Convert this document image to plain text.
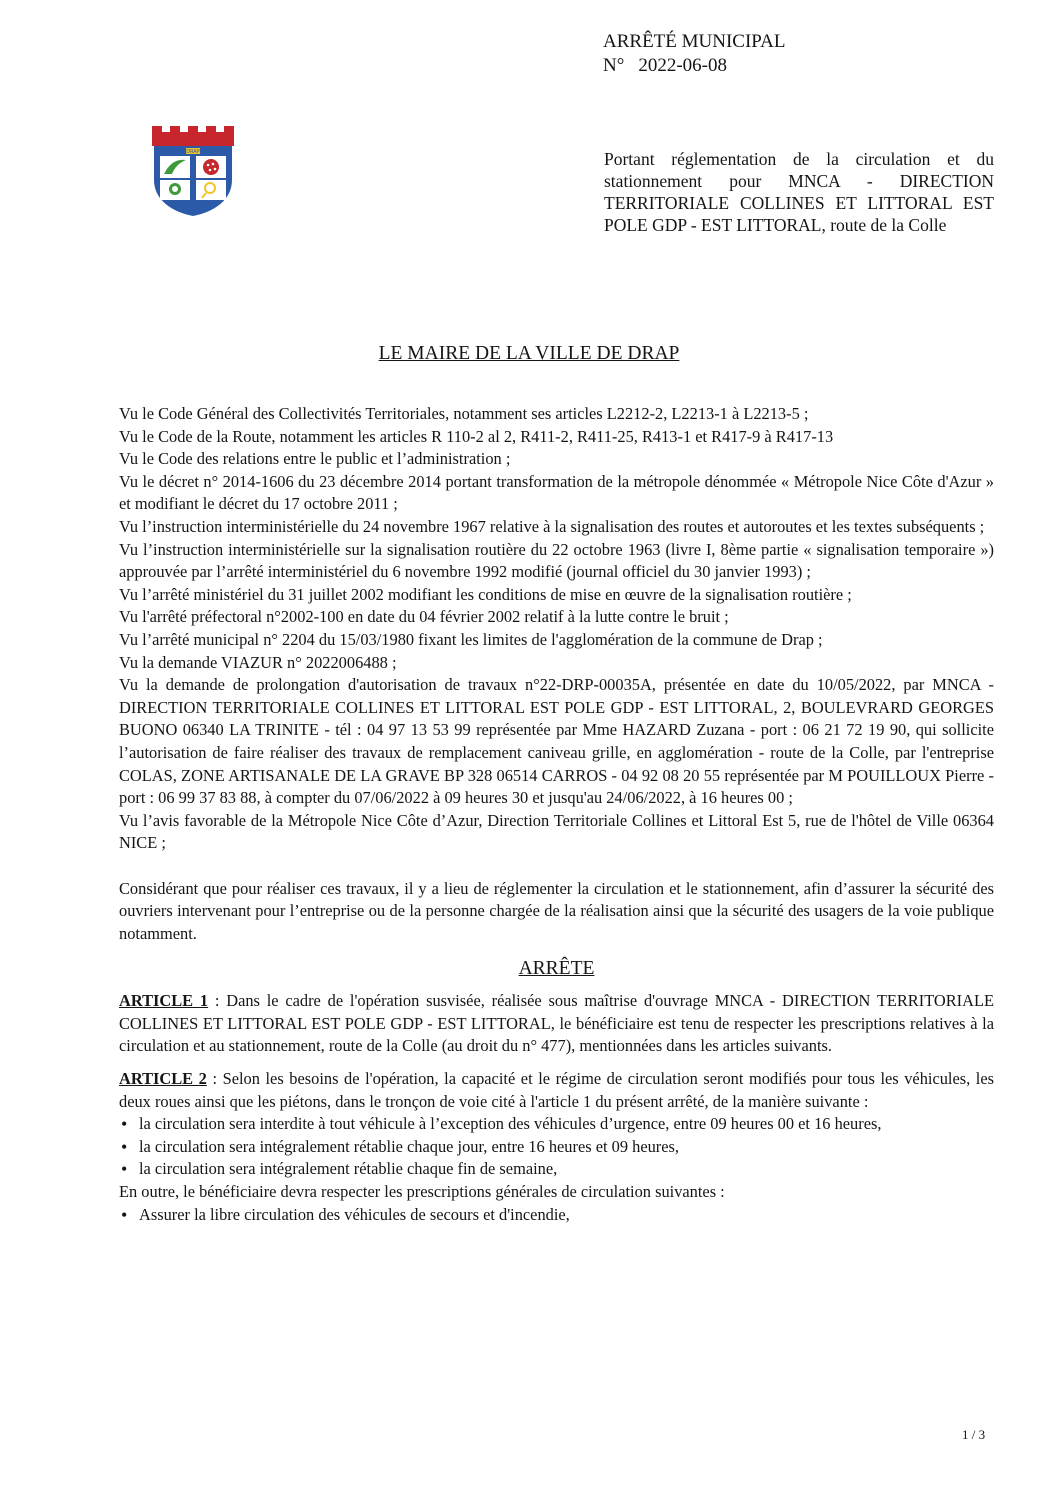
ARRÊTÉ MUNICIPAL
N° 2022-06-08
DRAP	Portant réglementation de la circulation et du stationnement pour MNCA - DIRECTION TERRITORIALE COLLINES ET LITTORAL EST POLE GDP - EST LITTORAL, route de la Colle
LE MAIRE DE LA VILLE DE DRAP

Vu le Code Général des Collectivités Territoriales, notamment ses articles L2212-2, L2213-1 à L2213-5 ;

Vu le Code de la Route, notamment les articles R 110-2 al 2, R411-2, R411-25, R413-1 et R417-9 à R417-13

Vu le Code des relations entre le public et l’administration ;

Vu le décret n° 2014-1606 du 23 décembre 2014 portant transformation de la métropole dénommée « Métropole Nice Côte d'Azur » et modifiant le décret du 17 octobre 2011 ;

Vu l’instruction interministérielle du 24 novembre 1967 relative à la signalisation des routes et autoroutes et les textes subséquents ;

Vu l’instruction interministérielle sur la signalisation routière du 22 octobre 1963 (livre I, 8ème partie « signalisation temporaire ») approuvée par l’arrêté interministériel du 6 novembre 1992 modifié (journal officiel du 30 janvier 1993) ;

Vu l’arrêté ministériel du 31 juillet 2002 modifiant les conditions de mise en œuvre de la signalisation routière ;

Vu l'arrêté préfectoral n°2002-100 en date du 04 février 2002 relatif à la lutte contre le bruit ;

Vu l’arrêté municipal n° 2204 du 15/03/1980 fixant les limites de l'agglomération de la commune de Drap ;

Vu la demande VIAZUR n° 2022006488 ;

Vu la demande de prolongation d'autorisation de travaux n°22-DRP-00035A, présentée en date du 10/05/2022, par MNCA - DIRECTION TERRITORIALE COLLINES ET LITTORAL EST POLE GDP - EST LITTORAL, 2, BOULEVRARD GEORGES BUONO 06340 LA TRINITE - tél : 04 97 13 53 99 représentée par Mme HAZARD Zuzana - port : 06 21 72 19 90, qui sollicite l’autorisation de faire réaliser des travaux de remplacement caniveau grille, en agglomération - route de la Colle, par l'entreprise COLAS, ZONE ARTISANALE DE LA GRAVE BP 328 06514 CARROS - 04 92 08 20 55 représentée par M POUILLOUX Pierre - port : 06 99 37 83 88, à compter du 07/06/2022 à 09 heures 30 et jusqu'au 24/06/2022, à 16 heures 00 ;

Vu l’avis favorable de la Métropole Nice Côte d’Azur, Direction Territoriale Collines et Littoral Est 5, rue de l'hôtel de Ville 06364 NICE ;

Considérant que pour réaliser ces travaux, il y a lieu de réglementer la circulation et le stationnement, afin d’assurer la sécurité des ouvriers intervenant pour l’entreprise ou de la personne chargée de la réalisation ainsi que la sécurité des usagers de la voie publique notamment.

ARRÊTE

ARTICLE 1 : Dans le cadre de l'opération susvisée, réalisée sous maîtrise d'ouvrage MNCA - DIRECTION TERRITORIALE COLLINES ET LITTORAL EST POLE GDP - EST LITTORAL, le bénéficiaire est tenu de respecter les prescriptions relatives à la circulation et au stationnement, route de la Colle (au droit du n° 477), mentionnées dans les articles suivants.

ARTICLE 2 : Selon les besoins de l'opération, la capacité et le régime de circulation seront modifiés pour tous les véhicules, les deux roues ainsi que les piétons, dans le tronçon de voie cité à l'article 1 du présent arrêté, de la manière suivante :

• la circulation sera interdite à tout véhicule à l’exception des véhicules d’urgence, entre 09 heures 00 et 16 heures,
• la circulation sera intégralement rétablie chaque jour, entre 16 heures et 09 heures,
• la circulation sera intégralement rétablie chaque fin de semaine,

En outre, le bénéficiaire devra respecter les prescriptions générales de circulation suivantes :

• Assurer la libre circulation des véhicules de secours et d'incendie,
1 / 3
